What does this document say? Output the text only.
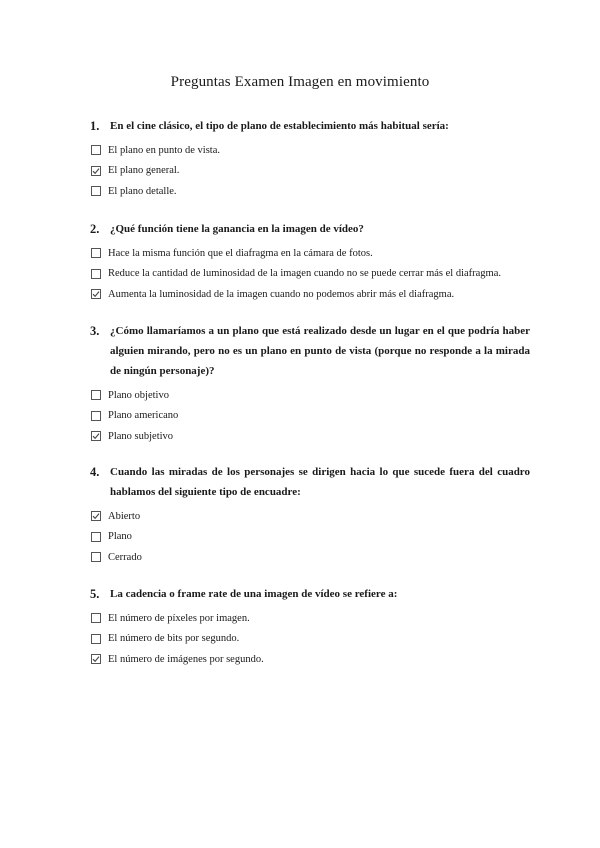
Preguntas Examen Imagen en movimiento
1. En el cine clásico, el tipo de plano de establecimiento más habitual sería:
El plano en punto de vista.
El plano general.
El plano detalle.
2. ¿Qué función tiene la ganancia en la imagen de vídeo?
Hace la misma función que el diafragma en la cámara de fotos.
Reduce la cantidad de luminosidad de la imagen cuando no se puede cerrar más el diafragma.
Aumenta la luminosidad de la imagen cuando no podemos abrir más el diafragma.
3. ¿Cómo llamaríamos a un plano que está realizado desde un lugar en el que podría haber alguien mirando, pero no es un plano en punto de vista (porque no responde a la mirada de ningún personaje)?
Plano objetivo
Plano americano
Plano subjetivo
4. Cuando las miradas de los personajes se dirigen hacia lo que sucede fuera del cuadro hablamos del siguiente tipo de encuadre:
Abierto
Plano
Cerrado
5. La cadencia o frame rate de una imagen de vídeo se refiere a:
El número de píxeles por imagen.
El número de bits por segundo.
El número de imágenes por segundo.
